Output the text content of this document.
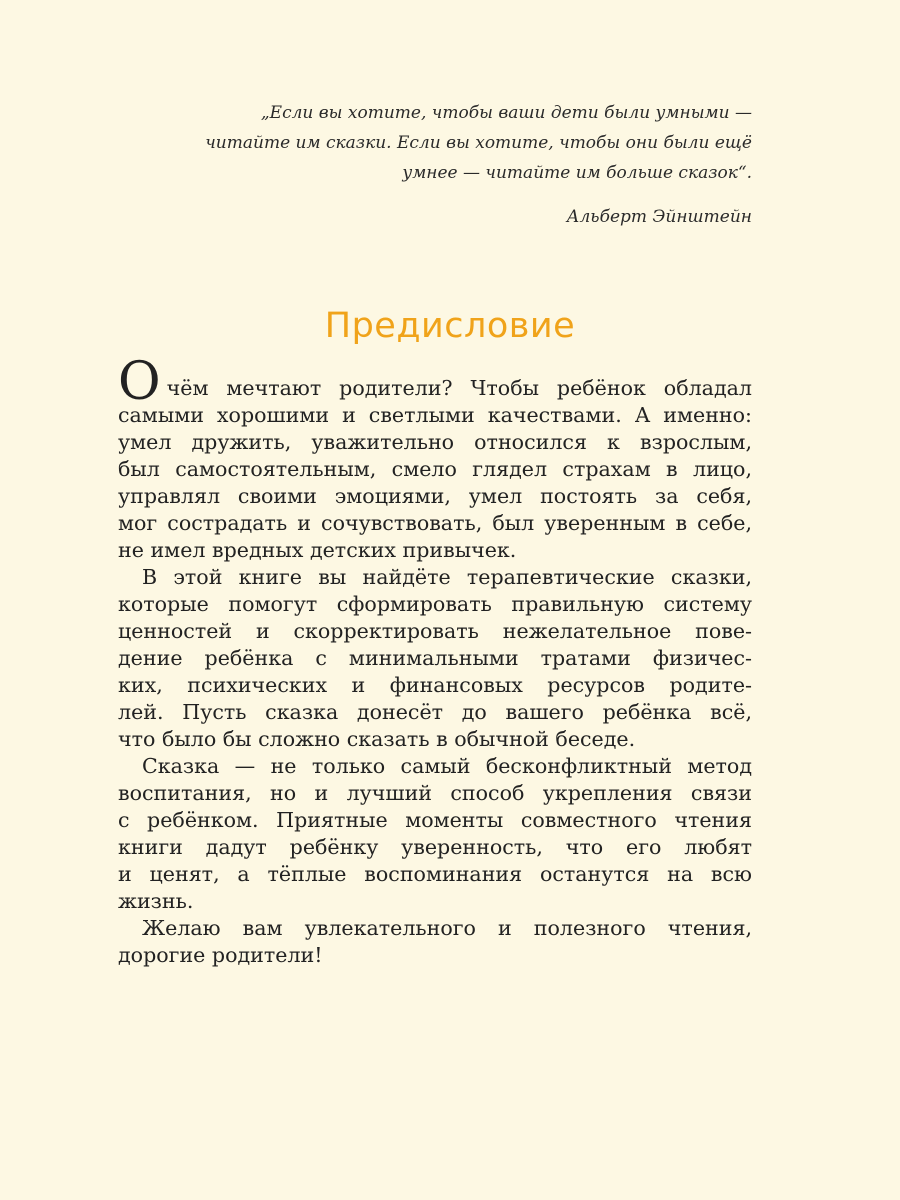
„Если вы хотите, чтобы ваши дети были умными —
читайте им сказки. Если вы хотите, чтобы они были ещё
умнее — читайте им больше сказок“.
Альберт Эйнштейн
Предисловие
Очём мечтают родители? Чтобы ребёнок обладал
самыми хорошими и светлыми качествами. А именно:
умел дружить, уважительно относился к взрослым,
был самостоятельным, смело глядел страхам в лицо,
управлял своими эмоциями, умел постоять за себя,
мог сострадать и сочувствовать, был уверенным в себе,
не имел вредных детских привычек.
В этой книге вы найдёте терапевтические сказки,
которые помогут сформировать правильную систему
ценностей и скорректировать нежелательное пове-
дение ребёнка с минимальными тратами физичес-
ких, психических и финансовых ресурсов родите-
лей. Пусть сказка донесёт до вашего ребёнка всё,
что было бы сложно сказать в обычной беседе.
Сказка — не только самый бесконфликтный метод
воспитания, но и лучший способ укрепления связи
с ребёнком. Приятные моменты совместного чтения
книги дадут ребёнку уверенность, что его любят
и ценят, а тёплые воспоминания останутся на всю
жизнь.
Желаю вам увлекательного и полезного чтения,
дорогие родители!
